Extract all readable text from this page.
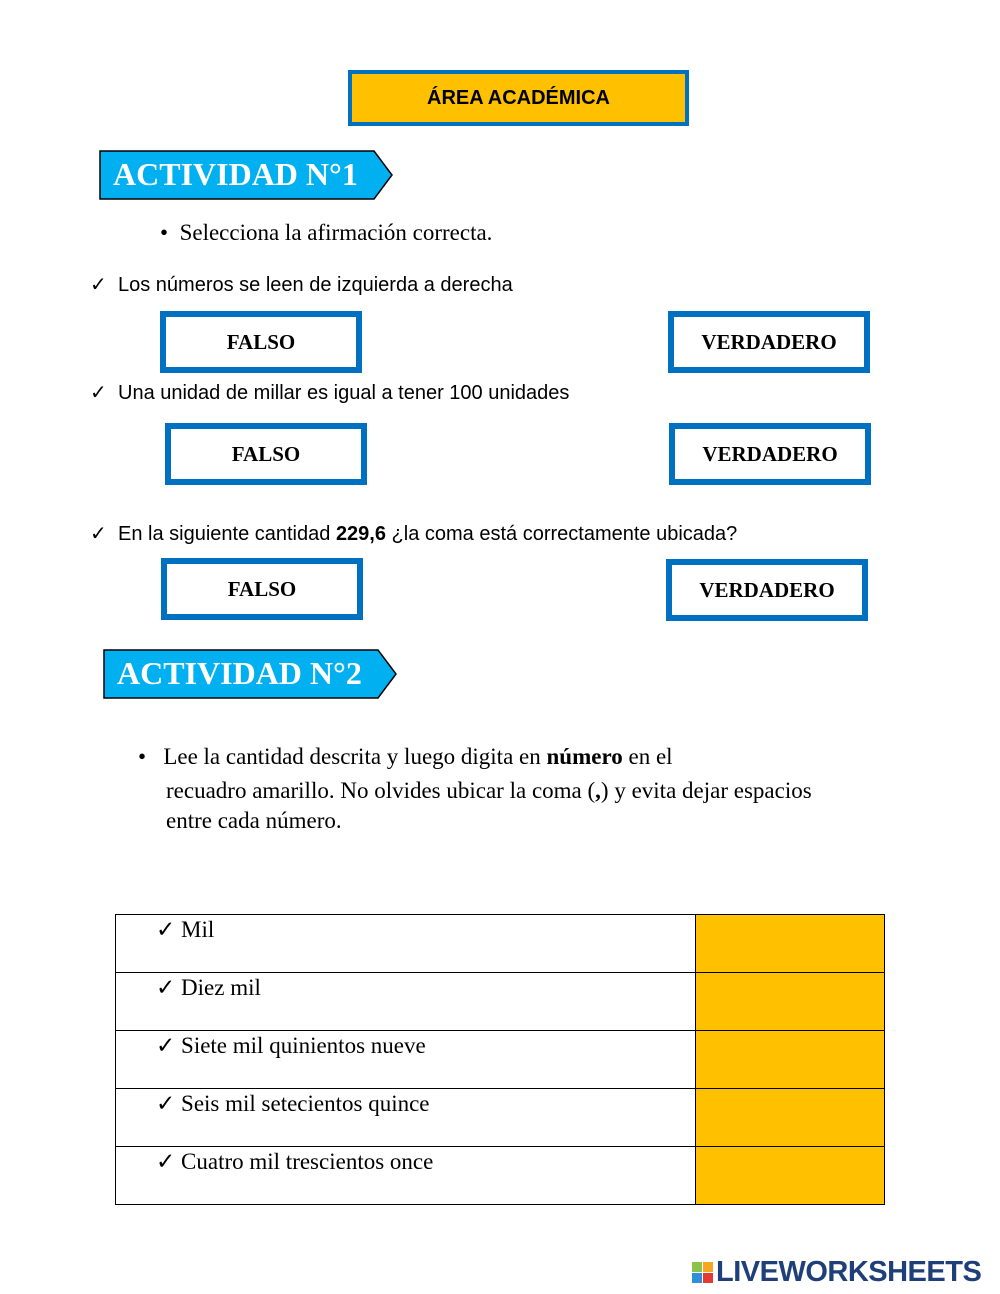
ÁREA ACADÉMICA
ACTIVIDAD N°1
•  Selecciona la afirmación correcta.
✓ Los números se leen de izquierda a derecha
FALSO	VERDADERO
✓ Una unidad de millar es igual a tener 100 unidades
FALSO	VERDADERO
✓ En la siguiente cantidad 229,6 ¿la coma está correctamente ubicada?
FALSO	VERDADERO
ACTIVIDAD N°2
•   Lee la cantidad descrita y luego digita en número en el
recuadro amarillo. No olvides ubicar la coma (,) y evita dejar espacios
entre cada número.
✓ Mil	
✓ Diez mil	
✓ Siete mil quinientos nueve	
✓ Seis mil setecientos quince	
✓ Cuatro mil trescientos once	
LIVEWORKSHEETS
